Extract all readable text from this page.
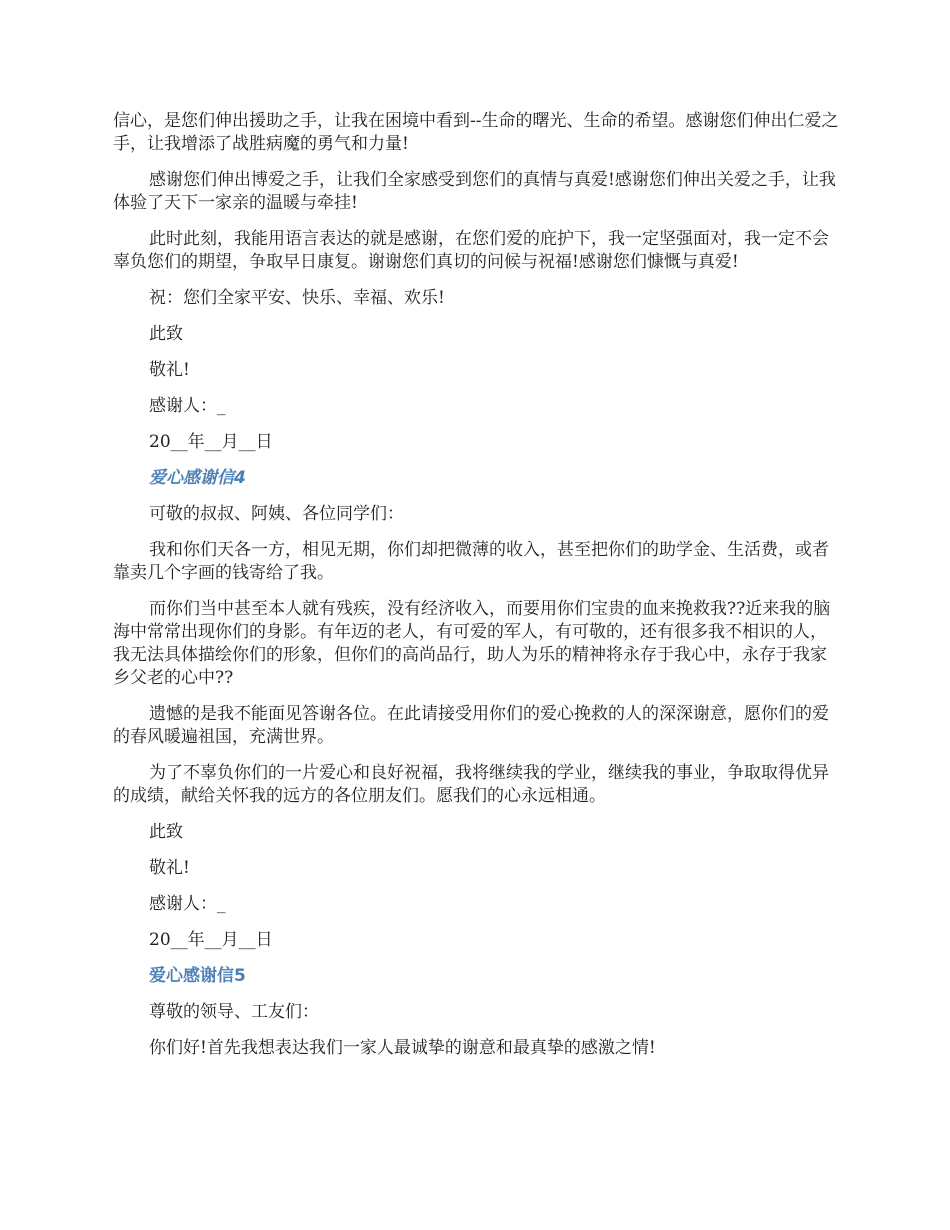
信心，是您们伸出援助之手，让我在困境中看到--生命的曙光、生命的希望。感谢您们伸出仁爱之手，让我增添了战胜病魔的勇气和力量!

感谢您们伸出博爱之手，让我们全家感受到您们的真情与真爱!感谢您们伸出关爱之手，让我体验了天下一家亲的温暖与牵挂!

此时此刻，我能用语言表达的就是感谢，在您们爱的庇护下，我一定坚强面对，我一定不会辜负您们的期望，争取早日康复。谢谢您们真切的问候与祝福!感谢您们慷慨与真爱!

祝：您们全家平安、快乐、幸福、欢乐!

此致

敬礼!

感谢人：_

20__年__月__日

爱心感谢信4

可敬的叔叔、阿姨、各位同学们：

我和你们天各一方，相见无期，你们却把微薄的收入，甚至把你们的助学金、生活费，或者靠卖几个字画的钱寄给了我。

而你们当中甚至本人就有残疾，没有经济收入，而要用你们宝贵的血来挽救我??近来我的脑海中常常出现你们的身影。有年迈的老人，有可爱的军人，有可敬的，还有很多我不相识的人，我无法具体描绘你们的形象，但你们的高尚品行，助人为乐的精神将永存于我心中，永存于我家乡父老的心中??

遗憾的是我不能面见答谢各位。在此请接受用你们的爱心挽救的人的深深谢意，愿你们的爱的春风暖遍祖国，充满世界。

为了不辜负你们的一片爱心和良好祝福，我将继续我的学业，继续我的事业，争取取得优异的成绩，献给关怀我的远方的各位朋友们。愿我们的心永远相通。

此致

敬礼!

感谢人：_

20__年__月__日

爱心感谢信5

尊敬的领导、工友们：

你们好!首先我想表达我们一家人最诚挚的谢意和最真挚的感激之情!
